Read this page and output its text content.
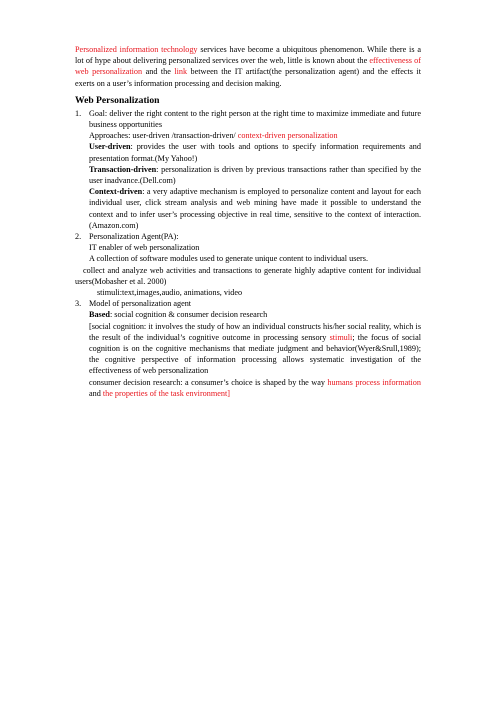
Personalized information technology services have become a ubiquitous phenomenon. While there is a lot of hype about delivering personalized services over the web, little is known about the effectiveness of web personalization and the link between the IT artifact(the personalization agent) and the effects it exerts on a user’s information processing and decision making.

Web Personalization

1. Goal: deliver the right content to the right person at the right time to maximize immediate and future business opportunities

Approaches: user-driven /transaction-driven/ context-driven personalization

User-driven: provides the user with tools and options to specify information requirements and presentation format.(My Yahoo!)

Transaction-driven: personalization is driven by previous transactions rather than specified by the user inadvance.(Dell.com)

Context-driven: a very adaptive mechanism is employed to personalize content and layout for each individual user, click stream analysis and web mining have made it possible to understand the context and to infer user’s processing objective in real time, sensitive to the context of interaction.(Amazon.com)

2. Personalization Agent(PA):

IT enabler of web personalization

A collection of software modules used to generate unique content to individual users.

collect and analyze web activities and transactions to generate highly adaptive content for individual users(Mobasher et al. 2000)

stimuli:text,images,audio, animations, video

3. Model of personalization agent

Based: social cognition & consumer decision research

[social cognition: it involves the study of how an individual constructs his/her social reality, which is the result of the individual’s cognitive outcome in processing sensory stimuli; the focus of social cognition is on the cognitive mechanisms that mediate judgment and behavior(Wyer&Srull,1989); the cognitive perspective of information processing allows systematic investigation of the effectiveness of web personalization

consumer decision research: a consumer’s choice is shaped by the way humans process information and the properties of the task environment]
